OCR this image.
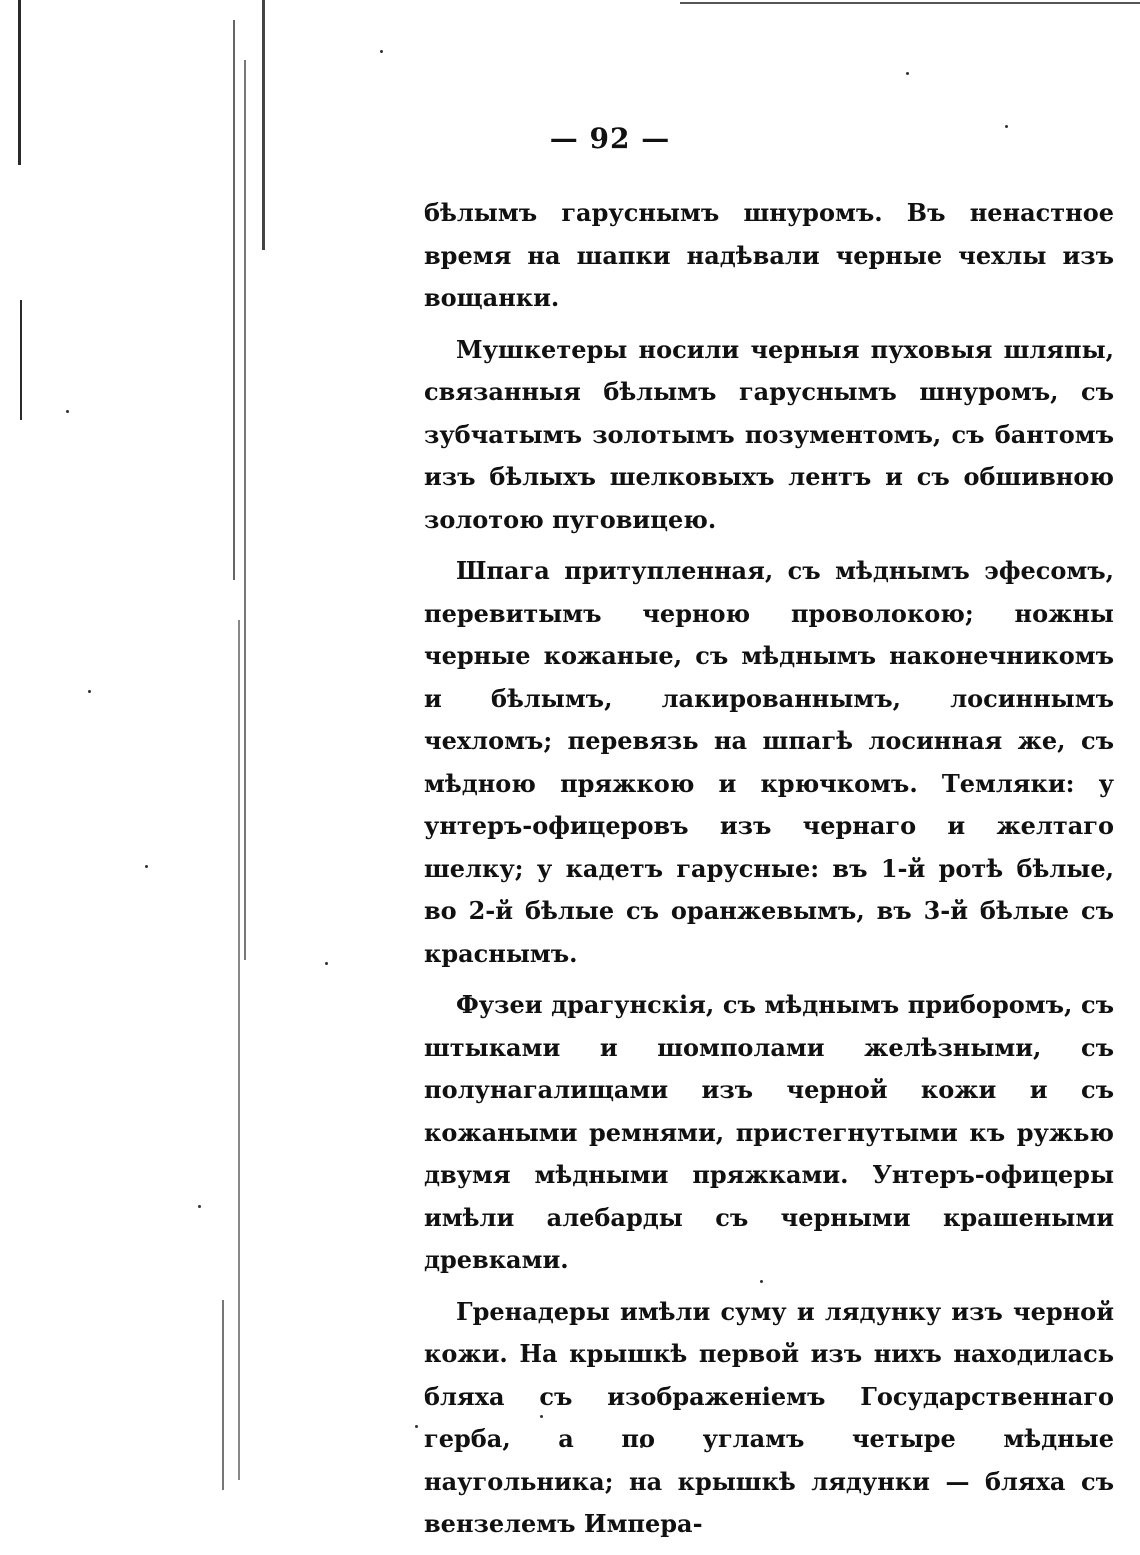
— 92 —

бѣлымъ гаруснымъ шнуромъ. Въ ненастное время на шапки надѣвали черные чехлы изъ вощанки.

Мушкетеры носили черныя пуховыя шляпы, связанныя бѣлымъ гаруснымъ шнуромъ, съ зубчатымъ золотымъ позументомъ, съ бантомъ изъ бѣлыхъ шелковыхъ лентъ и съ обшивною золотою пуговицею.

Шпага притупленная, съ мѣднымъ эфесомъ, перевитымъ черною проволокою; ножны черные кожаные, съ мѣднымъ наконечникомъ и бѣлымъ, лакированнымъ, лосиннымъ чехломъ; перевязь на шпагѣ лосинная же, съ мѣдною пряжкою и крючкомъ. Темляки: у унтеръ-офицеровъ изъ чернаго и желтаго шелку; у кадетъ гарусные: въ 1-й ротѣ бѣлые, во 2-й бѣлые съ оранжевымъ, въ 3-й бѣлые съ краснымъ.

Фузеи драгунскія, съ мѣднымъ приборомъ, съ штыками и шомполами желѣзными, съ полунагалищами изъ черной кожи и съ кожаными ремнями, пристегнутыми къ ружью двумя мѣдными пряжками. Унтеръ-офицеры имѣли алебарды съ черными крашеными древками.

Гренадеры имѣли суму и лядунку изъ черной кожи. На крышкѣ первой изъ нихъ находилась бляха съ изображеніемъ Государственнаго герба, а по угламъ четыре мѣдные наугольника; на крышкѣ лядунки — бляха съ вензелемъ Импера-
